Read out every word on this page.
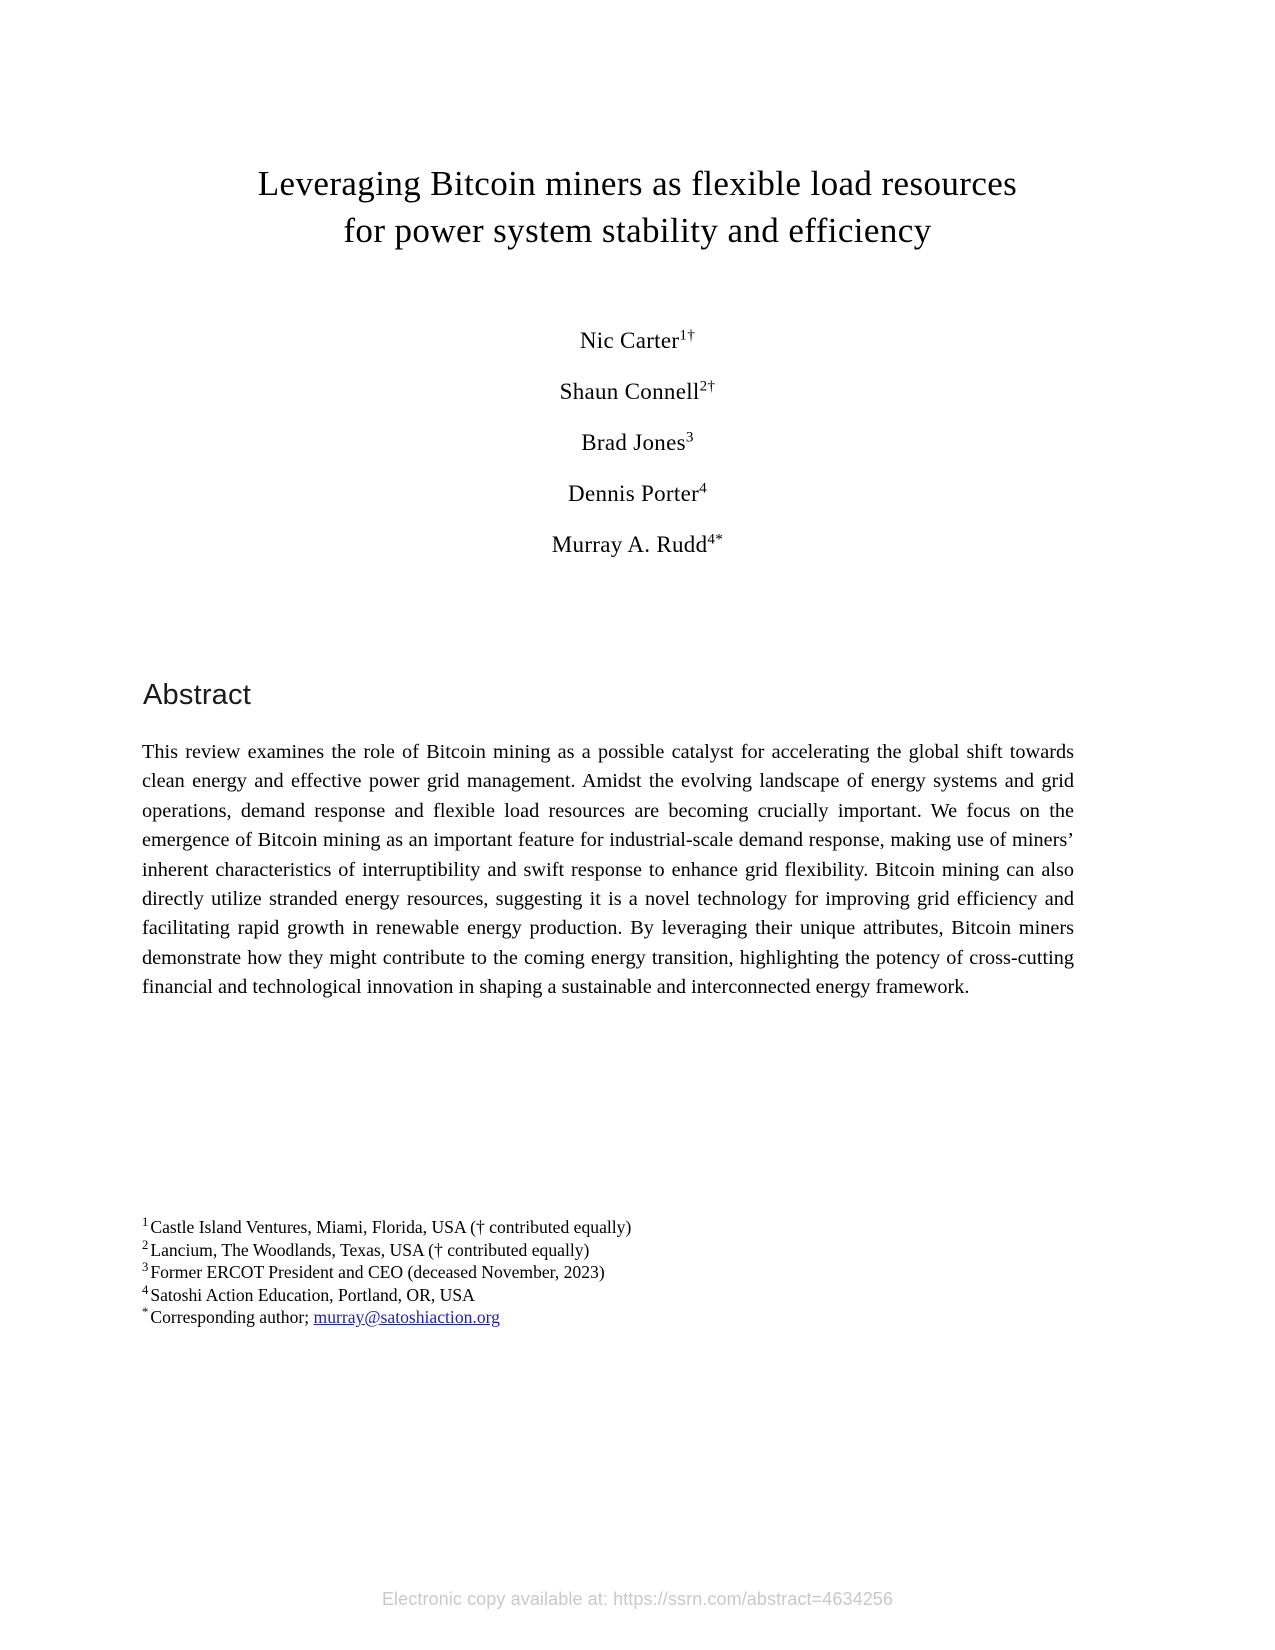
Leveraging Bitcoin miners as flexible load resources
for power system stability and efficiency
Nic Carter$^{1\dagger}$
Shaun Connell$^{2\dagger}$
Brad Jones$^3$
Dennis Porter$^4$
Murray A. Rudd$^{4*}$
Abstract
This review examines the role of Bitcoin mining as a possible catalyst for accelerating the global shift towards clean energy and effective power grid management. Amidst the evolving landscape of energy systems and grid operations, demand response and flexible load resources are becoming crucially important. We focus on the emergence of Bitcoin mining as an important feature for industrial-scale demand response, making use of miners’ inherent characteristics of interruptibility and swift response to enhance grid flexibility. Bitcoin mining can also directly utilize stranded energy resources, suggesting it is a novel technology for improving grid efficiency and facilitating rapid growth in renewable energy production. By leveraging their unique attributes, Bitcoin miners demonstrate how they might contribute to the coming energy transition, highlighting the potency of cross-cutting financial and technological innovation in shaping a sustainable and interconnected energy framework.
$^1$ Castle Island Ventures, Miami, Florida, USA († contributed equally)
$^2$ Lancium, The Woodlands, Texas, USA († contributed equally)
$^3$ Former ERCOT President and CEO (deceased November, 2023)
$^4$ Satoshi Action Education, Portland, OR, USA
* Corresponding author; murray@satoshiaction.org
Electronic copy available at: https://ssrn.com/abstract=4634256
